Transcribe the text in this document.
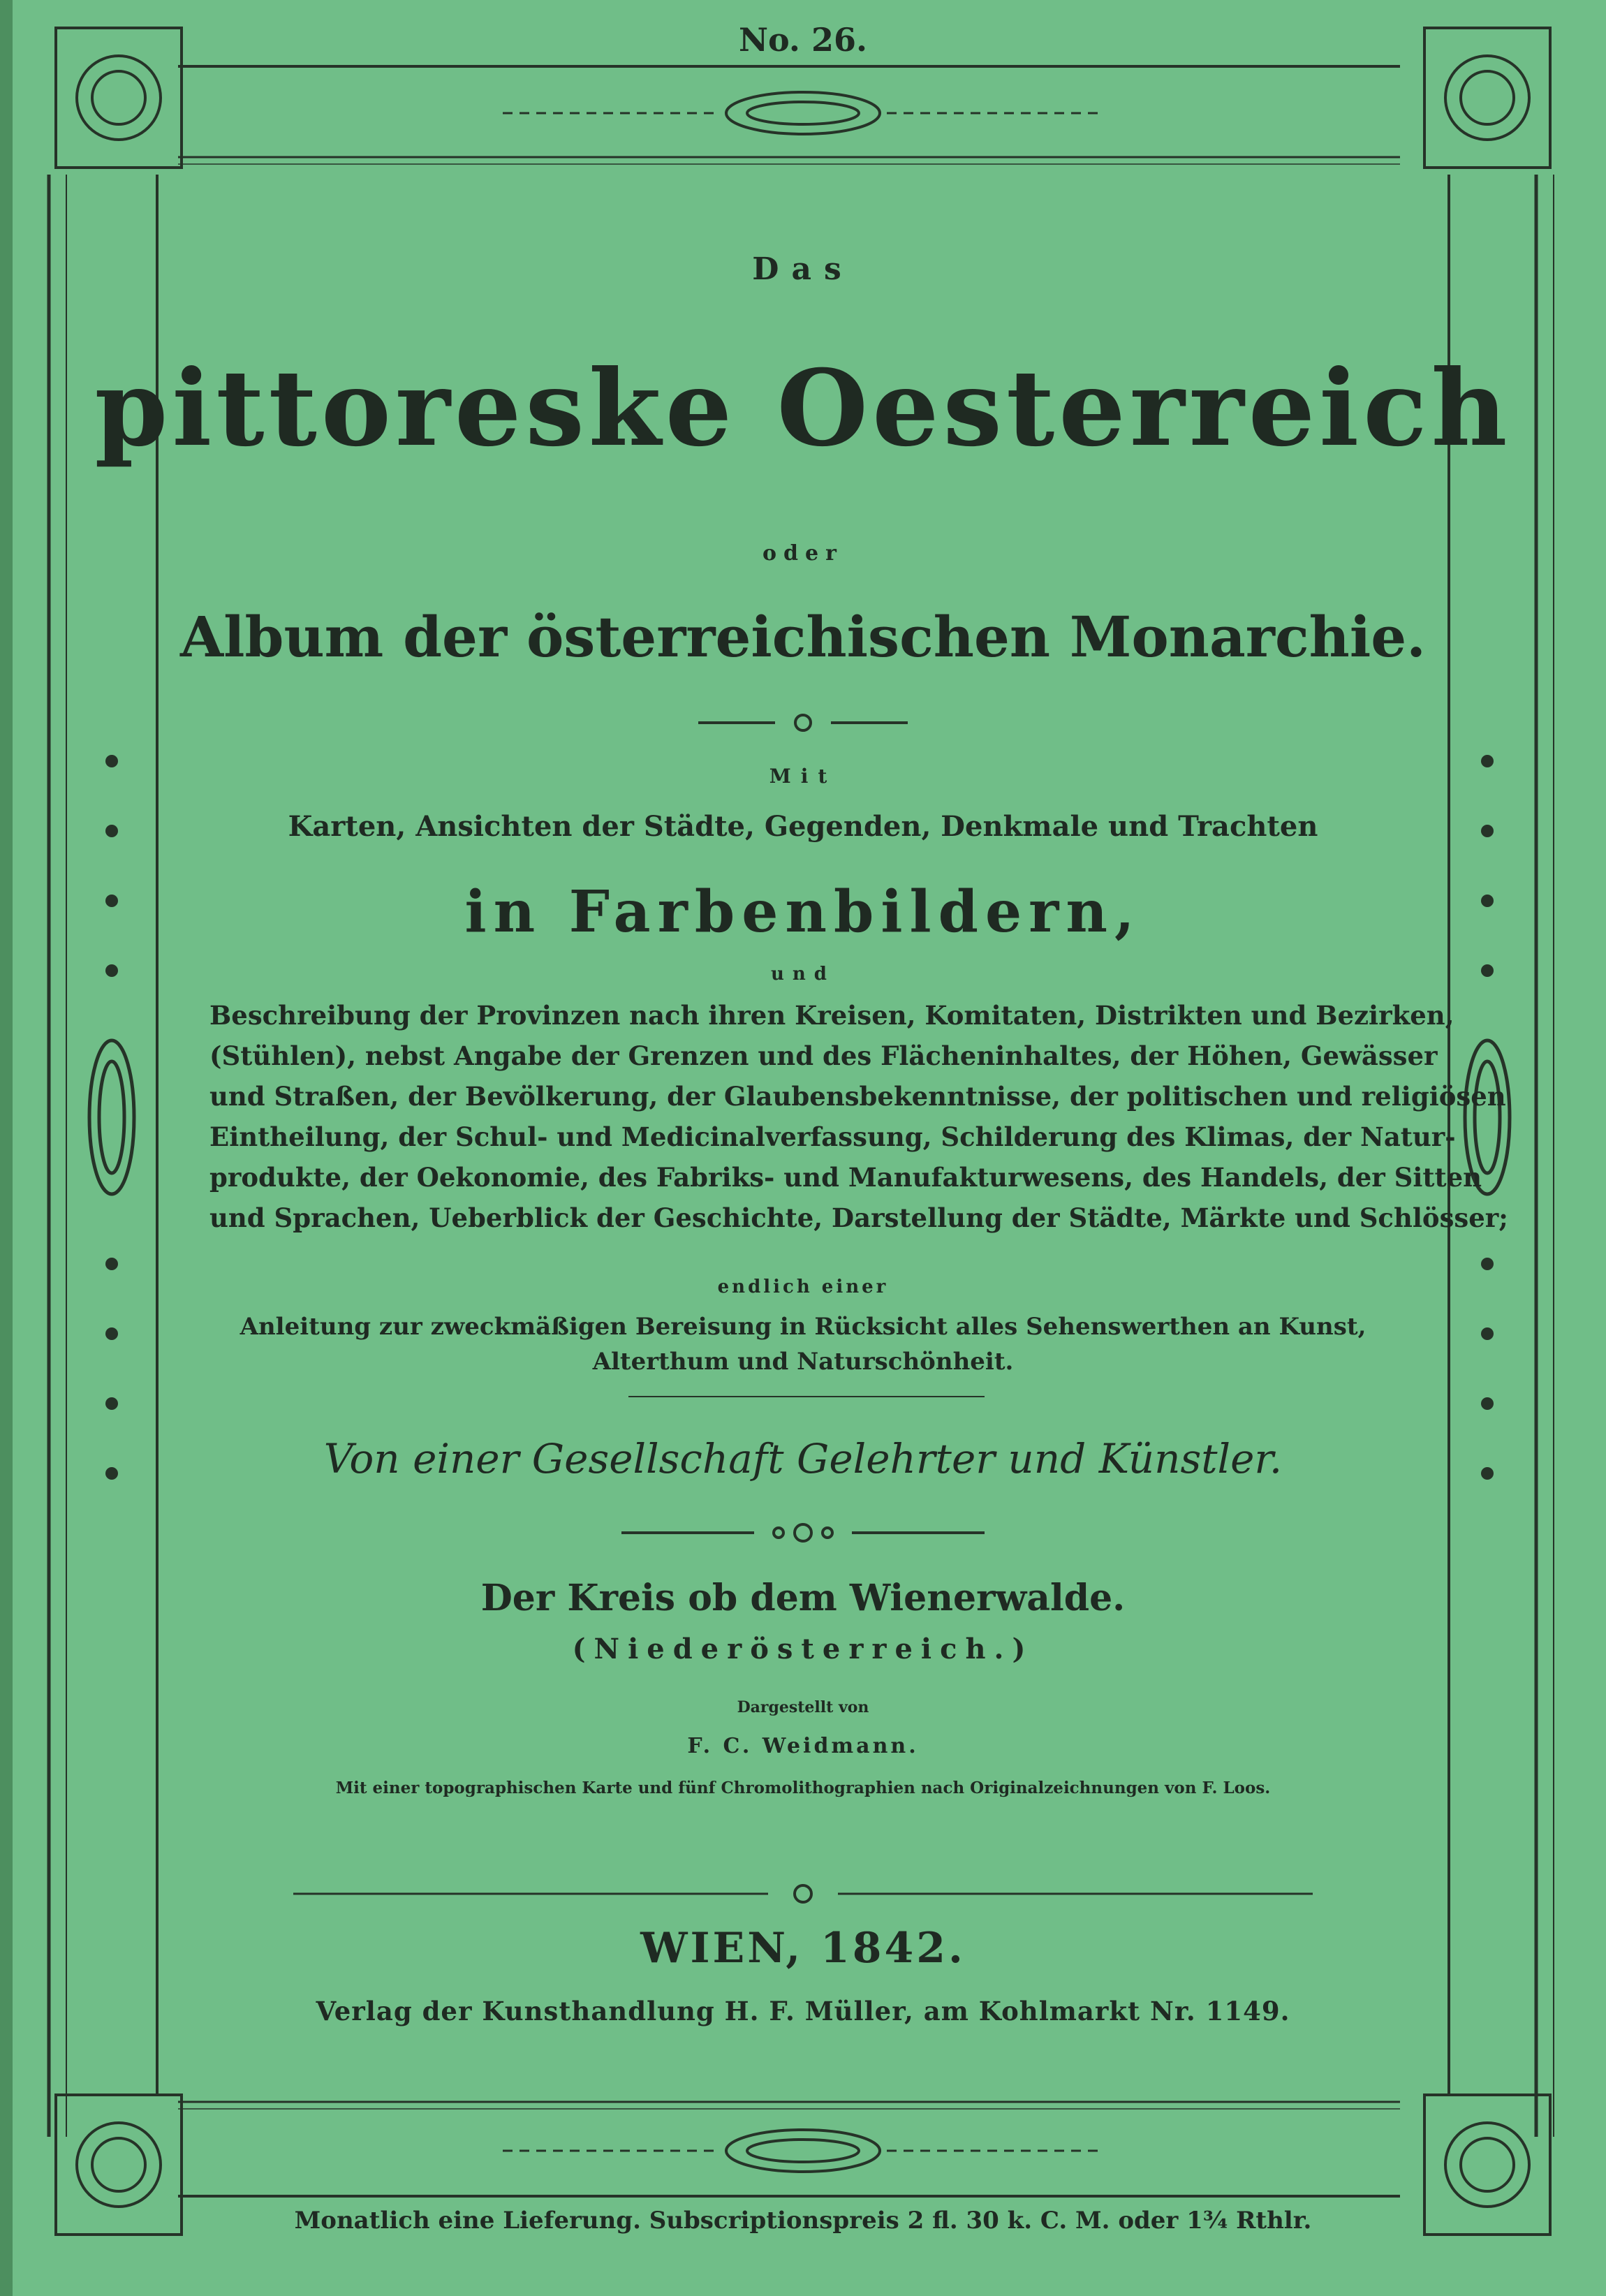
No. 26.
Das
pittoreske Oesterreich
oder
Album der österreichischen Monarchie.
Mit
Karten, Ansichten der Städte, Gegenden, Denkmale und Trachten
in Farbenbildern,
und
Beschreibung der Provinzen nach ihren Kreisen, Komitaten, Distrikten und Bezirken,
(Stühlen), nebst Angabe der Grenzen und des Flächeninhaltes, der Höhen, Gewässer
und Straßen, der Bevölkerung, der Glaubensbekenntnisse, der politischen und religiösen
Eintheilung, der Schul- und Medicinalverfassung, Schilderung des Klimas, der Natur-
produkte, der Oekonomie, des Fabriks- und Manufakturwesens, des Handels, der Sitten
und Sprachen, Ueberblick der Geschichte, Darstellung der Städte, Märkte und Schlösser;
endlich einer
Anleitung zur zweckmäßigen Bereisung in Rücksicht alles Sehenswerthen an Kunst,
Alterthum und Naturschönheit.
Von einer Gesellschaft Gelehrter und Künstler.
Der Kreis ob dem Wienerwalde.
(Niederösterreich.)
Dargestellt von
F. C. Weidmann.
Mit einer topographischen Karte und fünf Chromolithographien nach Originalzeichnungen von F. Loos.
WIEN, 1842.
Verlag der Kunsthandlung H. F. Müller, am Kohlmarkt Nr. 1149.
Monatlich eine Lieferung. Subscriptionspreis 2 fl. 30 k. C. M. oder 1¾ Rthlr.
